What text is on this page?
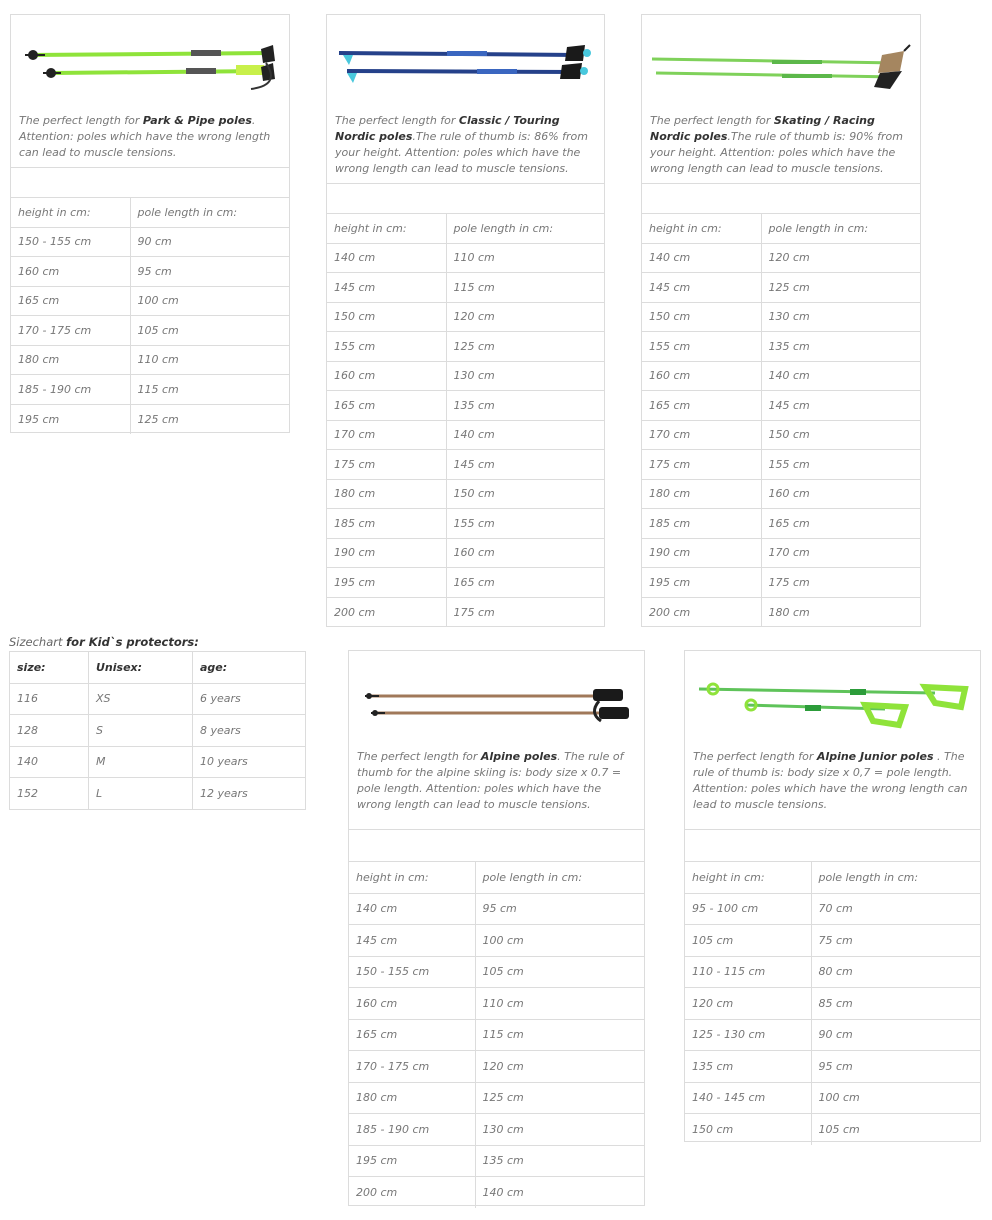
The perfect length for Park & Pipe poles. Attention: poles which have the wrong length can lead to muscle tensions.
height in cm:	pole length in cm:
150 - 155 cm	90 cm
160 cm	95 cm
165 cm	100 cm
170 - 175 cm	105 cm
180 cm	110 cm
185 - 190 cm	115 cm
195 cm	125 cm
The perfect length for Classic / Touring Nordic poles.The rule of thumb is: 86% from your height. Attention: poles which have the wrong length can lead to muscle tensions.
height in cm:	pole length in cm:
140 cm	110 cm
145 cm	115 cm
150 cm	120 cm
155 cm	125 cm
160 cm	130 cm
165 cm	135 cm
170 cm	140 cm
175 cm	145 cm
180 cm	150 cm
185 cm	155 cm
190 cm	160 cm
195 cm	165 cm
200 cm	175 cm
The perfect length for Skating / Racing Nordic poles.The rule of thumb is: 90% from your height. Attention: poles which have the wrong length can lead to muscle tensions.
height in cm:	pole length in cm:
140 cm	120 cm
145 cm	125 cm
150 cm	130 cm
155 cm	135 cm
160 cm	140 cm
165 cm	145 cm
170 cm	150 cm
175 cm	155 cm
180 cm	160 cm
185 cm	165 cm
190 cm	170 cm
195 cm	175 cm
200 cm	180 cm
Sizechart for Kid`s protectors:
size:	Unisex:	age:
116	XS	6 years
128	S	8 years
140	M	10 years
152	L	12 years
The perfect length for Alpine poles. The rule of thumb for the alpine skiing is: body size x 0.7 = pole length. Attention: poles which have the wrong length can lead to muscle tensions.
height in cm:	pole length in cm:
140 cm	95 cm
145 cm	100 cm
150 - 155 cm	105 cm
160 cm	110 cm
165 cm	115 cm
170 - 175 cm	120 cm
180 cm	125 cm
185 - 190 cm	130 cm
195 cm	135 cm
200 cm	140 cm
The perfect length for Alpine Junior poles . The rule of thumb is: body size x 0,7 = pole length. Attention: poles which have the wrong length can lead to muscle tensions.
height in cm:	pole length in cm:
95 - 100 cm	70 cm
105 cm	75 cm
110 - 115 cm	80 cm
120 cm	85 cm
125 - 130 cm	90 cm
135 cm	95 cm
140 - 145 cm	100 cm
150 cm	105 cm
